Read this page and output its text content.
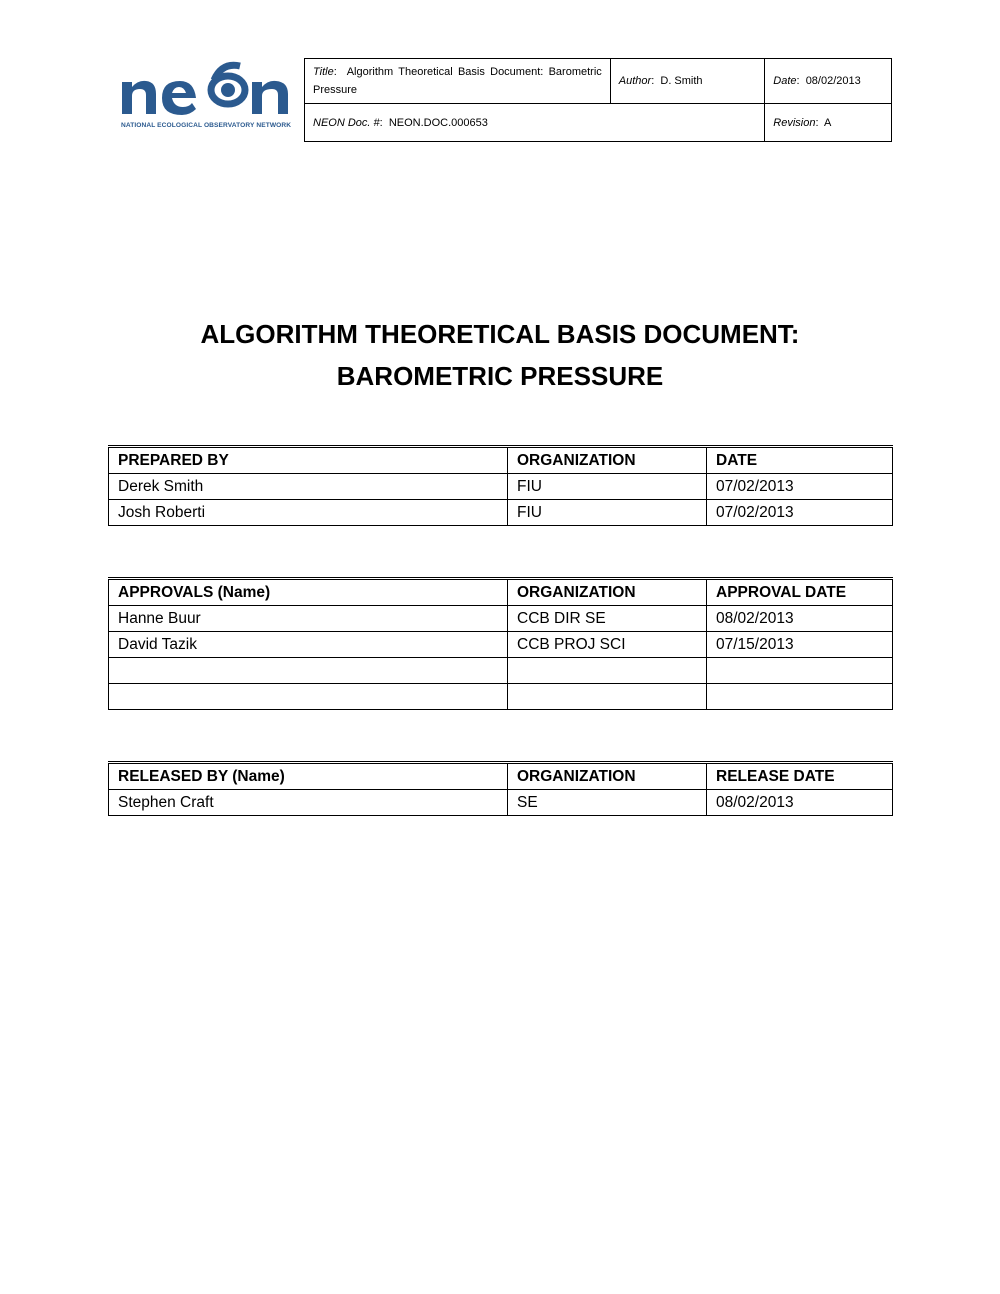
NATIONAL ECOLOGICAL OBSERVATORY NETWORK
Title:  Algorithm Theoretical Basis Document: Barometric Pressure	Author:  D. Smith	Date:  08/02/2013
NEON Doc. #:  NEON.DOC.000653		Revision:  A
ALGORITHM THEORETICAL BASIS DOCUMENT:
BAROMETRIC PRESSURE
PREPARED BY	ORGANIZATION	DATE
Derek Smith	FIU	07/02/2013
Josh Roberti	FIU	07/02/2013
APPROVALS (Name)	ORGANIZATION	APPROVAL DATE
Hanne Buur	CCB DIR SE	08/02/2013
David Tazik	CCB PROJ SCI	07/15/2013

RELEASED BY (Name)	ORGANIZATION	RELEASE DATE
Stephen Craft	SE	08/02/2013
